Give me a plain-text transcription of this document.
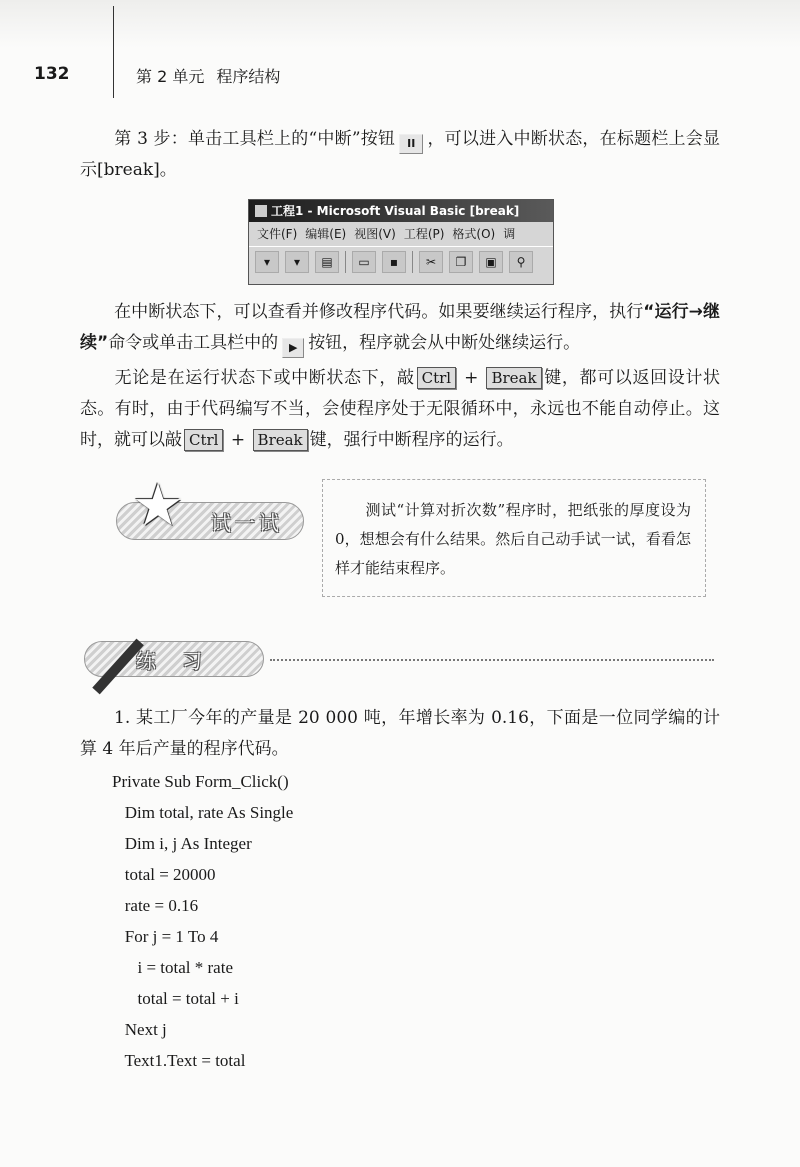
132	第 2 单元 程序结构
第 3 步：单击工具栏上的“中断”按钮 II ，可以进入中断状态，在标题栏上会显示[break]。
工程1 - Microsoft Visual Basic [break]
文件(F) 编辑(E) 视图(V) 工程(P) 格式(O) 调
▾	▾	▤	▭	▪	✂	❐	▣	⚲
在中断状态下，可以查看并修改程序代码。如果要继续运行程序，执行“运行→继续”命令或单击工具栏中的 ▶ 按钮，程序就会从中断处继续运行。
无论是在运行状态下或中断状态下，敲 Ctrl + Break 键，都可以返回设计状态。有时，由于代码编写不当，会使程序处于无限循环中，永远也不能自动停止。这时，就可以敲 Ctrl + Break 键，强行中断程序的运行。
试一试
★	测试“计算对折次数”程序时，把纸张的厚度设为 0，想想会有什么结果。然后自己动手试一试，看看怎样才能结束程序。
练 习
1. 某工厂今年的产量是 20 000 吨，年增长率为 0.16，下面是一位同学编的计算 4 年后产量的程序代码。
Private Sub Form_Click()
Dim total, rate As Single
Dim i, j As Integer
total = 20000
rate = 0.16
For j = 1 To 4
i = total * rate
total = total + i
Next j
Text1.Text = total
